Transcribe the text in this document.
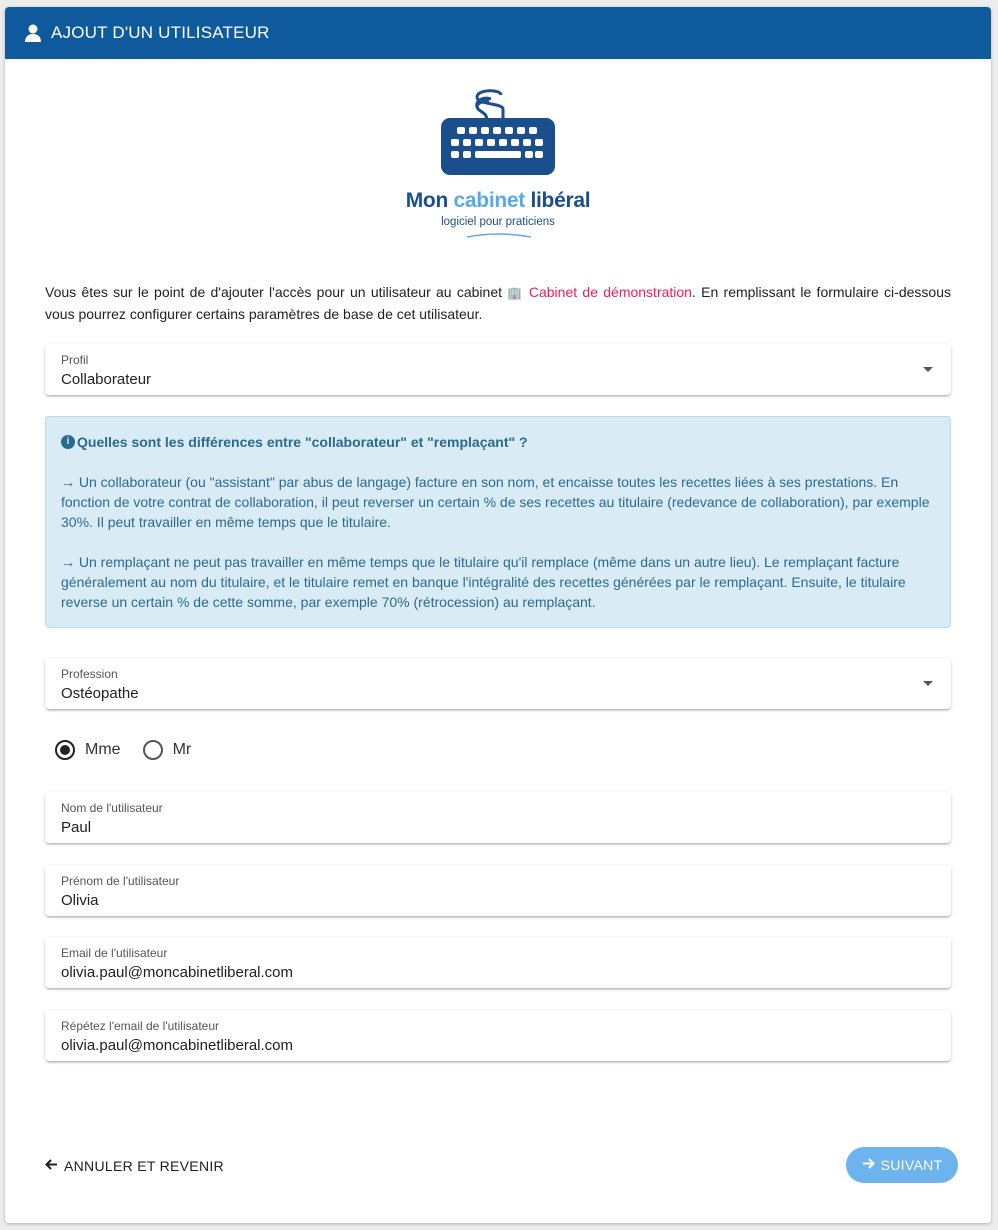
AJOUT D'UN UTILISATEUR
Mon cabinet libéral
logiciel pour praticiens
Vous êtes sur le point de d'ajouter l'accès pour un utilisateur au cabinet 🏢 Cabinet de démonstration. En remplissant le formulaire ci-dessous vous pourrez configurer certains paramètres de base de cet utilisateur.
Profil
Collaborateur
i Quelles sont les différences entre "collaborateur" et "remplaçant" ?

→ Un collaborateur (ou "assistant" par abus de langage) facture en son nom, et encaisse toutes les recettes liées à ses prestations. En fonction de votre contrat de collaboration, il peut reverser un certain % de ses recettes au titulaire (redevance de collaboration), par exemple 30%. Il peut travailler en même temps que le titulaire.

→ Un remplaçant ne peut pas travailler en même temps que le titulaire qu'il remplace (même dans un autre lieu). Le remplaçant facture généralement au nom du titulaire, et le titulaire remet en banque l'intégralité des recettes générées par le remplaçant. Ensuite, le titulaire reverse un certain % de cette somme, par exemple 70% (rétrocession) au remplaçant.

Profession
Ostéopathe
Mme	Mr
Nom de l'utilisateur
Paul
Prénom de l'utilisateur
Olivia
Email de l'utilisateur
olivia.paul@moncabinetliberal.com
Répétez l'email de l'utilisateur
olivia.paul@moncabinetliberal.com
ANNULER ET REVENIR	SUIVANT
